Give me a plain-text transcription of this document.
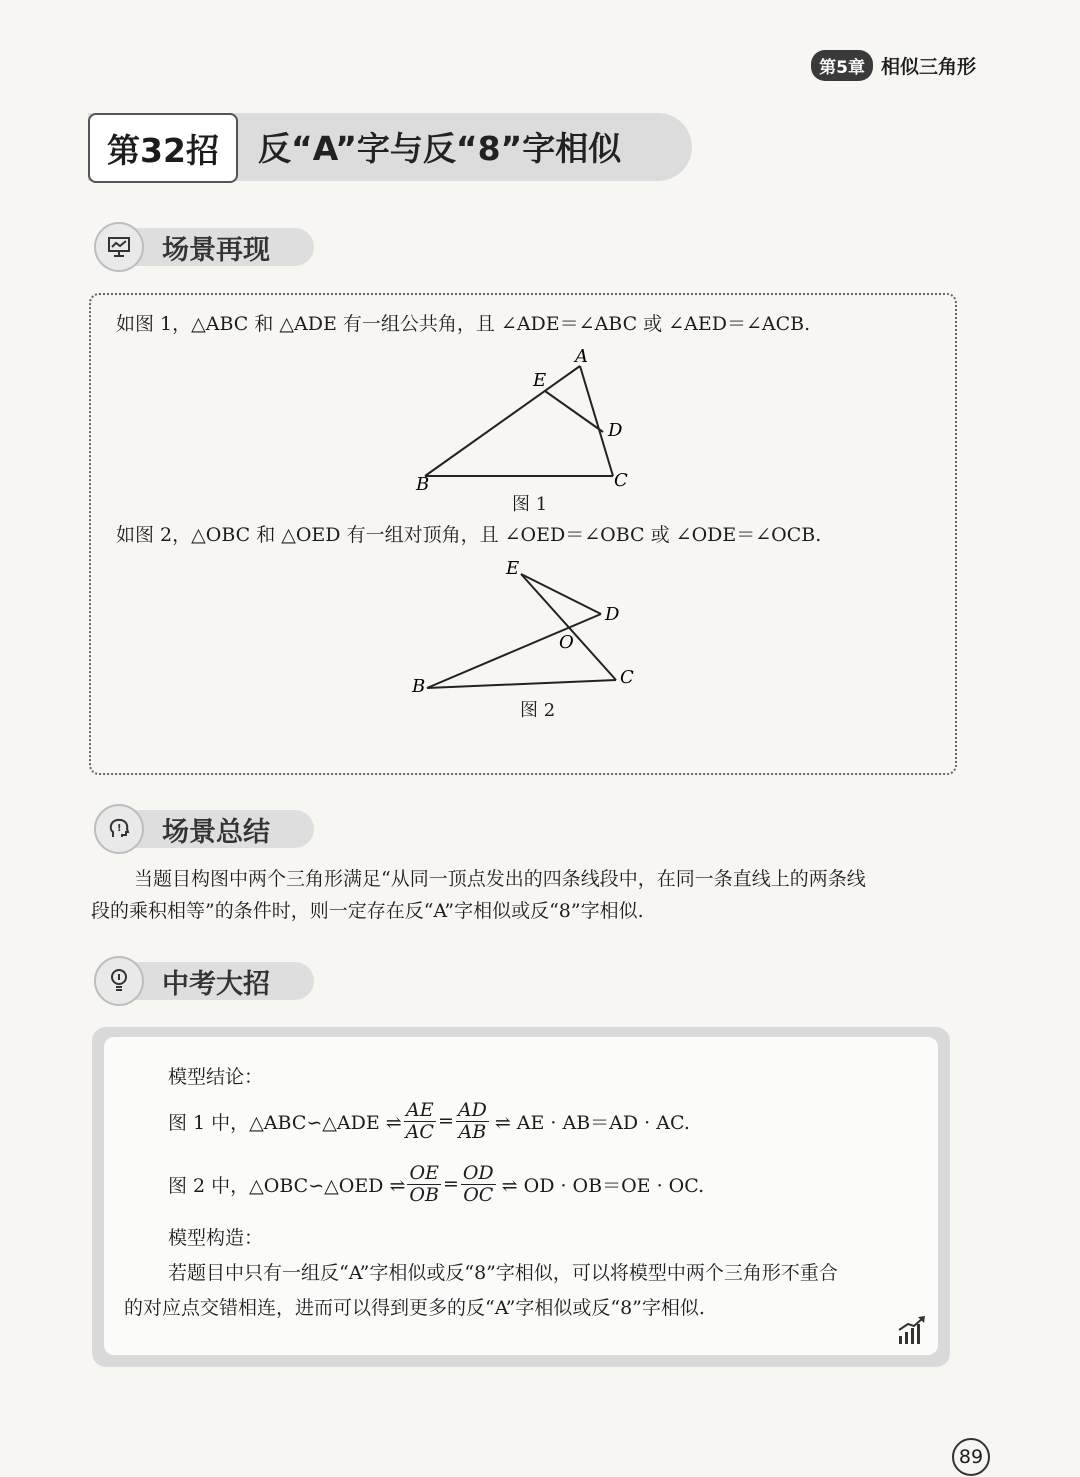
第5章 相似三角形
第32招	反“A”字与反“8”字相似
场景再现
如图 1，△ABC 和 △ADE 有一组公共角，且 ∠ADE＝∠ABC 或 ∠AED＝∠ACB.
A
E
D
B	C
图 1
如图 2，△OBC 和 △OED 有一组对顶角，且 ∠OED＝∠OBC 或 ∠ODE＝∠OCB.
E
D
O
B	C
图 2
! 场景总结
当题目构图中两个三角形满足“从同一顶点发出的四条线段中，在同一条直线上的两条线
段的乘积相等”的条件时，则一定存在反“A”字相似或反“8”字相似.
中考大招
模型结论：
图 1 中，△ABC∽△ADE ⇌ $\frac{AE}{AC} = \frac{AD}{AB}$ ⇌ AE · AB＝AD · AC.
图 2 中，△OBC∽△OED ⇌ $\frac{OE}{OB} = \frac{OD}{OC}$ ⇌ OD · OB＝OE · OC.
模型构造：
若题目中只有一组反“A”字相似或反“8”字相似，可以将模型中两个三角形不重合
的对应点交错相连，进而可以得到更多的反“A”字相似或反“8”字相似.
89
